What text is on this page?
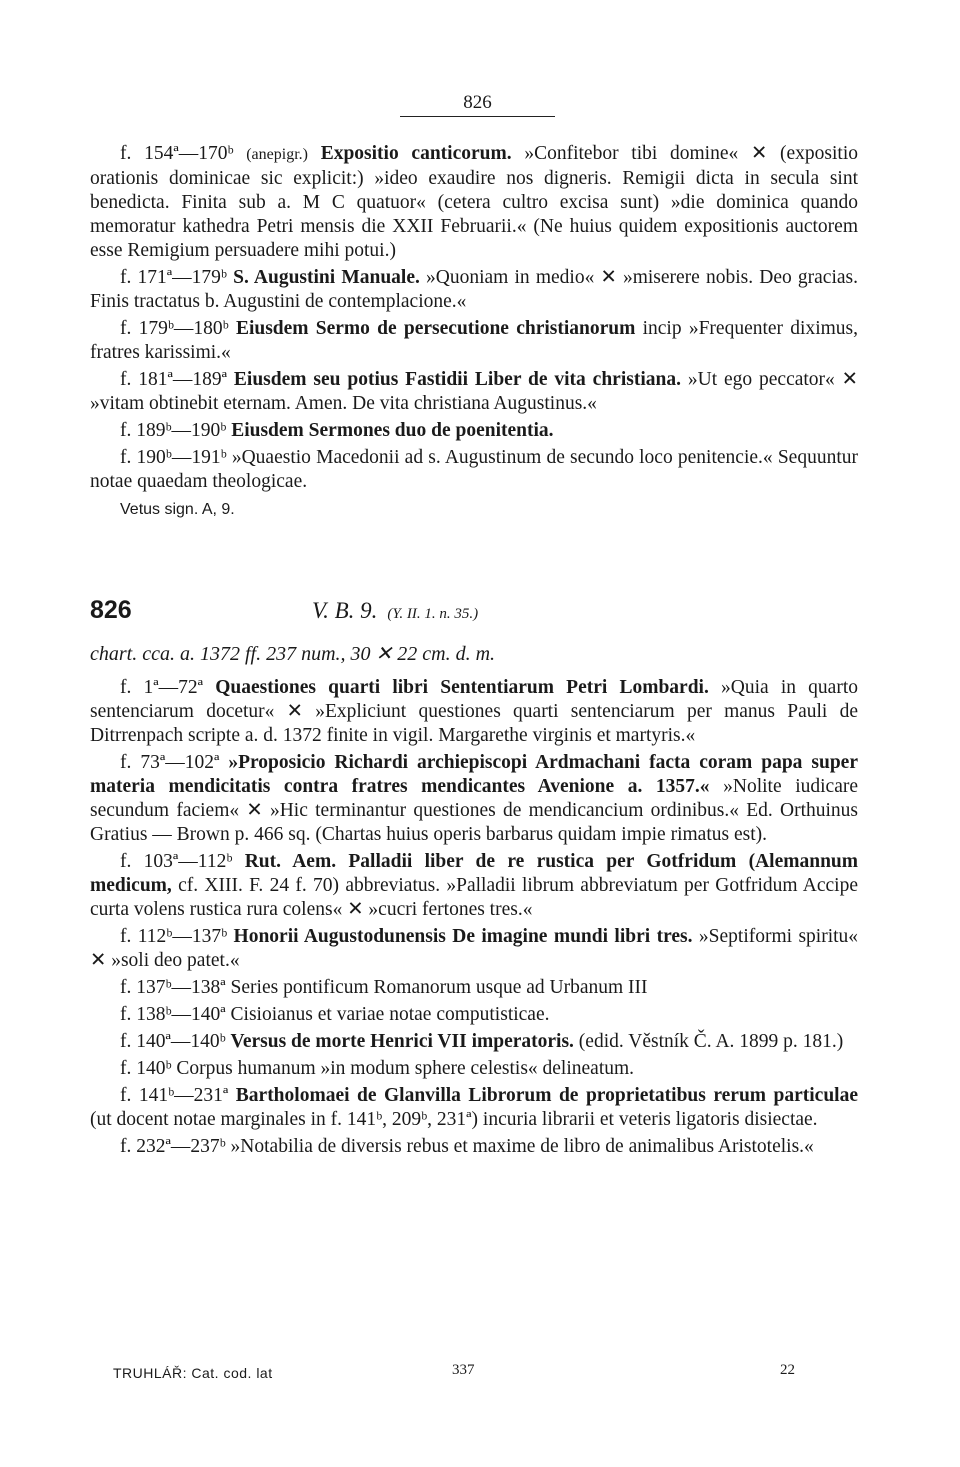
826

f. 154ª—170ᵇ (anepigr.) Expositio canticorum. »Confitebor tibi domine« ✕ (expositio orationis dominicae sic explicit:) »ideo exaudire nos digneris. Remigii dicta in secula sint benedicta. Finita sub a. M C quatuor« (cetera cultro excisa sunt) »die dominica quando memoratur kathedra Petri mensis die XXII Februarii.« (Ne huius quidem expositionis auctorem esse Remigium persuadere mihi potui.)

f. 171ª—179ᵇ S. Augustini Manuale. »Quoniam in medio« ✕ »miserere nobis. Deo gracias. Finis tractatus b. Augustini de contemplacione.«

f. 179ᵇ—180ᵇ Eiusdem Sermo de persecutione christianorum incip »Frequenter diximus, fratres karissimi.«

f. 181ª—189ª Eiusdem seu potius Fastidii Liber de vita christiana. »Ut ego peccator« ✕ »vitam obtinebit eternam. Amen. De vita christiana Augustinus.«

f. 189ᵇ—190ᵇ Eiusdem Sermones duo de poenitentia.

f. 190ᵇ—191ᵇ »Quaestio Macedonii ad s. Augustinum de secundo loco penitencie.« Sequuntur notae quaedam theologicae.

Vetus sign. A, 9.

826	V. B. 9. (Y. II. 1. n. 35.)
chart. cca. a. 1372 ff. 237 num., 30 ✕ 22 cm. d. m.

f. 1ª—72ª Quaestiones quarti libri Sententiarum Petri Lombardi. »Quia in quarto sentenciarum docetur« ✕ »Expliciunt questiones quarti sentenciarum per manus Pauli de Ditrrenpach scripte a. d. 1372 finite in vigil. Margarethe virginis et martyris.«

f. 73ª—102ª »Proposicio Richardi archiepiscopi Ardmachani facta coram papa super materia mendicitatis contra fratres mendicantes Avenione a. 1357.« »Nolite iudicare secundum faciem« ✕ »Hic terminantur questiones de mendicancium ordinibus.« Ed. Orthuinus Gratius — Brown p. 466 sq. (Chartas huius operis barbarus quidam impie rimatus est).

f. 103ª—112ᵇ Rut. Aem. Palladii liber de re rustica per Gotfridum (Alemannum medicum, cf. XIII. F. 24 f. 70) abbreviatus. »Palladii librum abbreviatum per Gotfridum Accipe curta volens rustica rura colens« ✕ »cucri fertones tres.«

f. 112ᵇ—137ᵇ Honorii Augustodunensis De imagine mundi libri tres. »Septiformi spiritu« ✕ »soli deo patet.«

f. 137ᵇ—138ª Series pontificum Romanorum usque ad Urbanum III

f. 138ᵇ—140ª Cisioianus et variae notae computisticae.

f. 140ª—140ᵇ Versus de morte Henrici VII imperatoris. (edid. Věstník Č. A. 1899 p. 181.)

f. 140ᵇ Corpus humanum »in modum sphere celestis« delineatum.

f. 141ᵇ—231ª Bartholomaei de Glanvilla Librorum de proprietatibus rerum particulae (ut docent notae marginales in f. 141ᵇ, 209ᵇ, 231ª) incuria librarii et veteris ligatoris disiectae.

f. 232ª—237ᵇ »Notabilia de diversis rebus et maxime de libro de animalibus Aristotelis.«

TRUHLÁŘ: Cat. cod. lat	337	22
